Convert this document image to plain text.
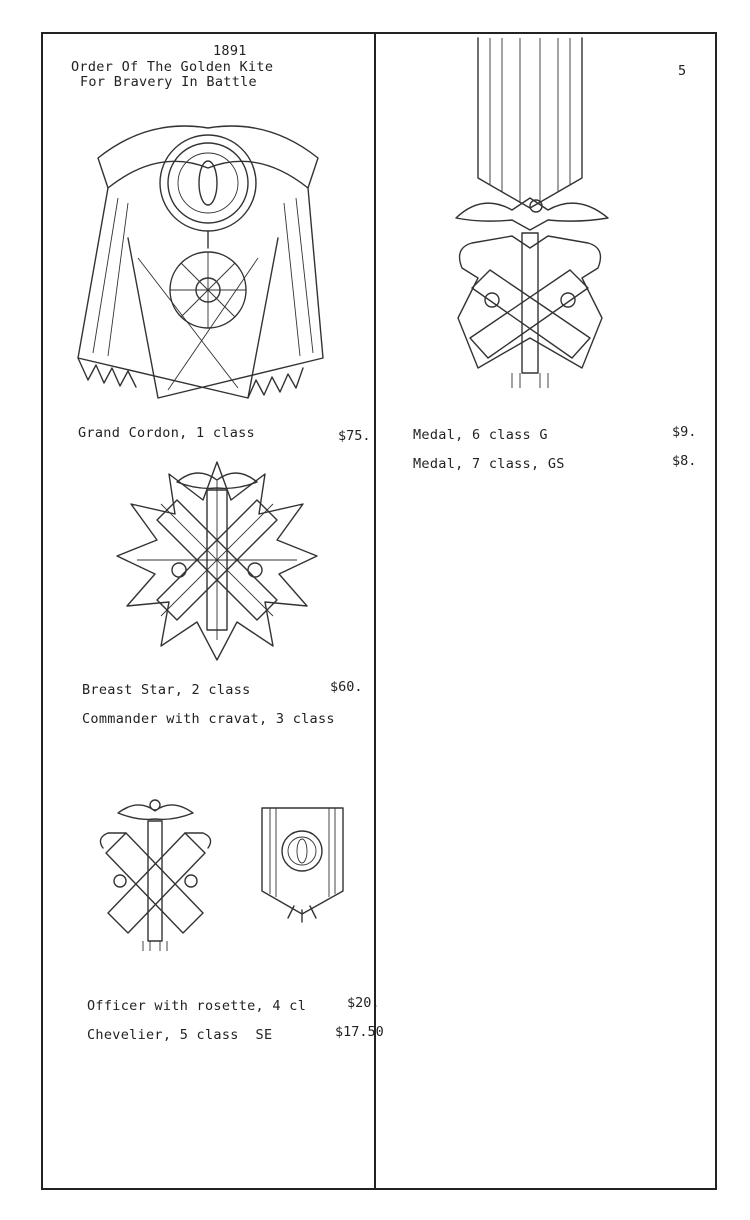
1891
Order Of The Golden Kite
For Bravery In Battle
5
Grand Cordon, 1 class	$75.
Breast Star, 2 class	$60.
Commander with cravat, 3 class
Officer with rosette, 4 cl	$20.
Chevelier, 5 class  SE	$17.50
Medal, 6 class G	$9.
Medal, 7 class, GS	$8.
